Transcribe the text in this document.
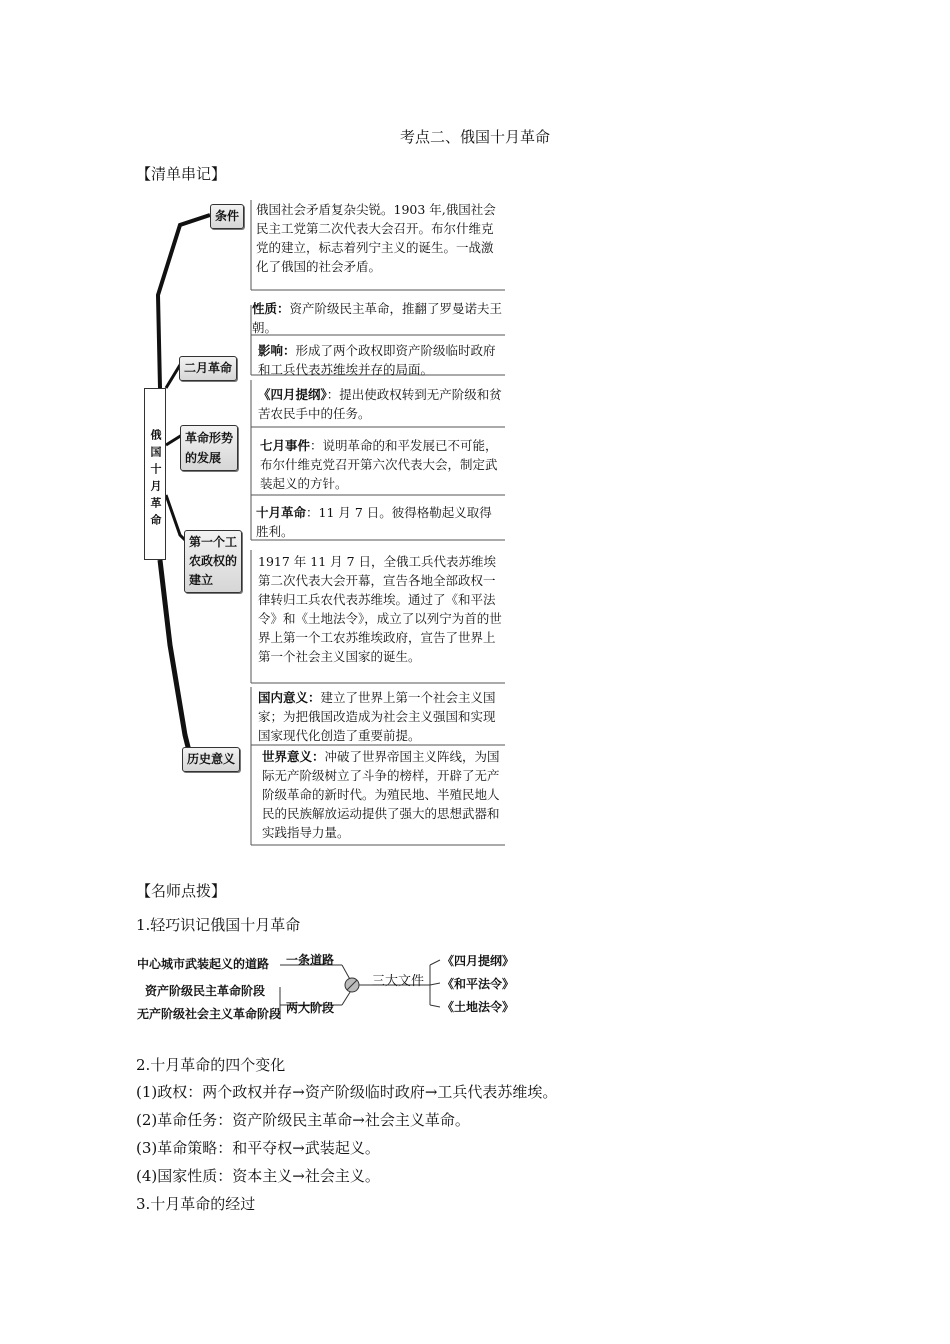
考点二、俄国十月革命
【清单串记】
俄国十月革命
条件	俄国社会矛盾复杂尖锐。1903 年,俄国社会民主工党第二次代表大会召开。布尔什维克党的建立，标志着列宁主义的诞生。一战激化了俄国的社会矛盾。
二月革命
性质：资产阶级民主革命，推翻了罗曼诺夫王朝。
影响：形成了两个政权即资产阶级临时政府和工兵代表苏维埃并存的局面。
革命形势
的发展
《四月提纲》：提出使政权转到无产阶级和贫苦农民手中的任务。
七月事件：说明革命的和平发展已不可能，布尔什维克党召开第六次代表大会，制定武装起义的方针。
十月革命：11 月 7 日。彼得格勒起义取得胜利。
第一个工
农政权的
建立
1917 年 11 月 7 日，全俄工兵代表苏维埃第二次代表大会开幕，宣告各地全部政权一律转归工兵农代表苏维埃。通过了《和平法令》和《土地法令》，成立了以列宁为首的世界上第一个工农苏维埃政府，宣告了世界上第一个社会主义国家的诞生。
历史意义
国内意义：建立了世界上第一个社会主义国家；为把俄国改造成为社会主义强国和实现国家现代化创造了重要前提。
世界意义：冲破了世界帝国主义阵线，为国际无产阶级树立了斗争的榜样，开辟了无产阶级革命的新时代。为殖民地、半殖民地人民的民族解放运动提供了强大的思想武器和实践指导力量。
【名师点拨】
1.轻巧识记俄国十月革命
中心城市武装起义的道路
资产阶级民主革命阶段
无产阶级社会主义革命阶段
一条道路
两大阶段
三大文件
《四月提纲》
《和平法令》
《土地法令》
2.十月革命的四个变化
(1)政权：两个政权并存→资产阶级临时政府→工兵代表苏维埃。
(2)革命任务：资产阶级民主革命→社会主义革命。
(3)革命策略：和平夺权→武装起义。
(4)国家性质：资本主义→社会主义。
3.十月革命的经过
